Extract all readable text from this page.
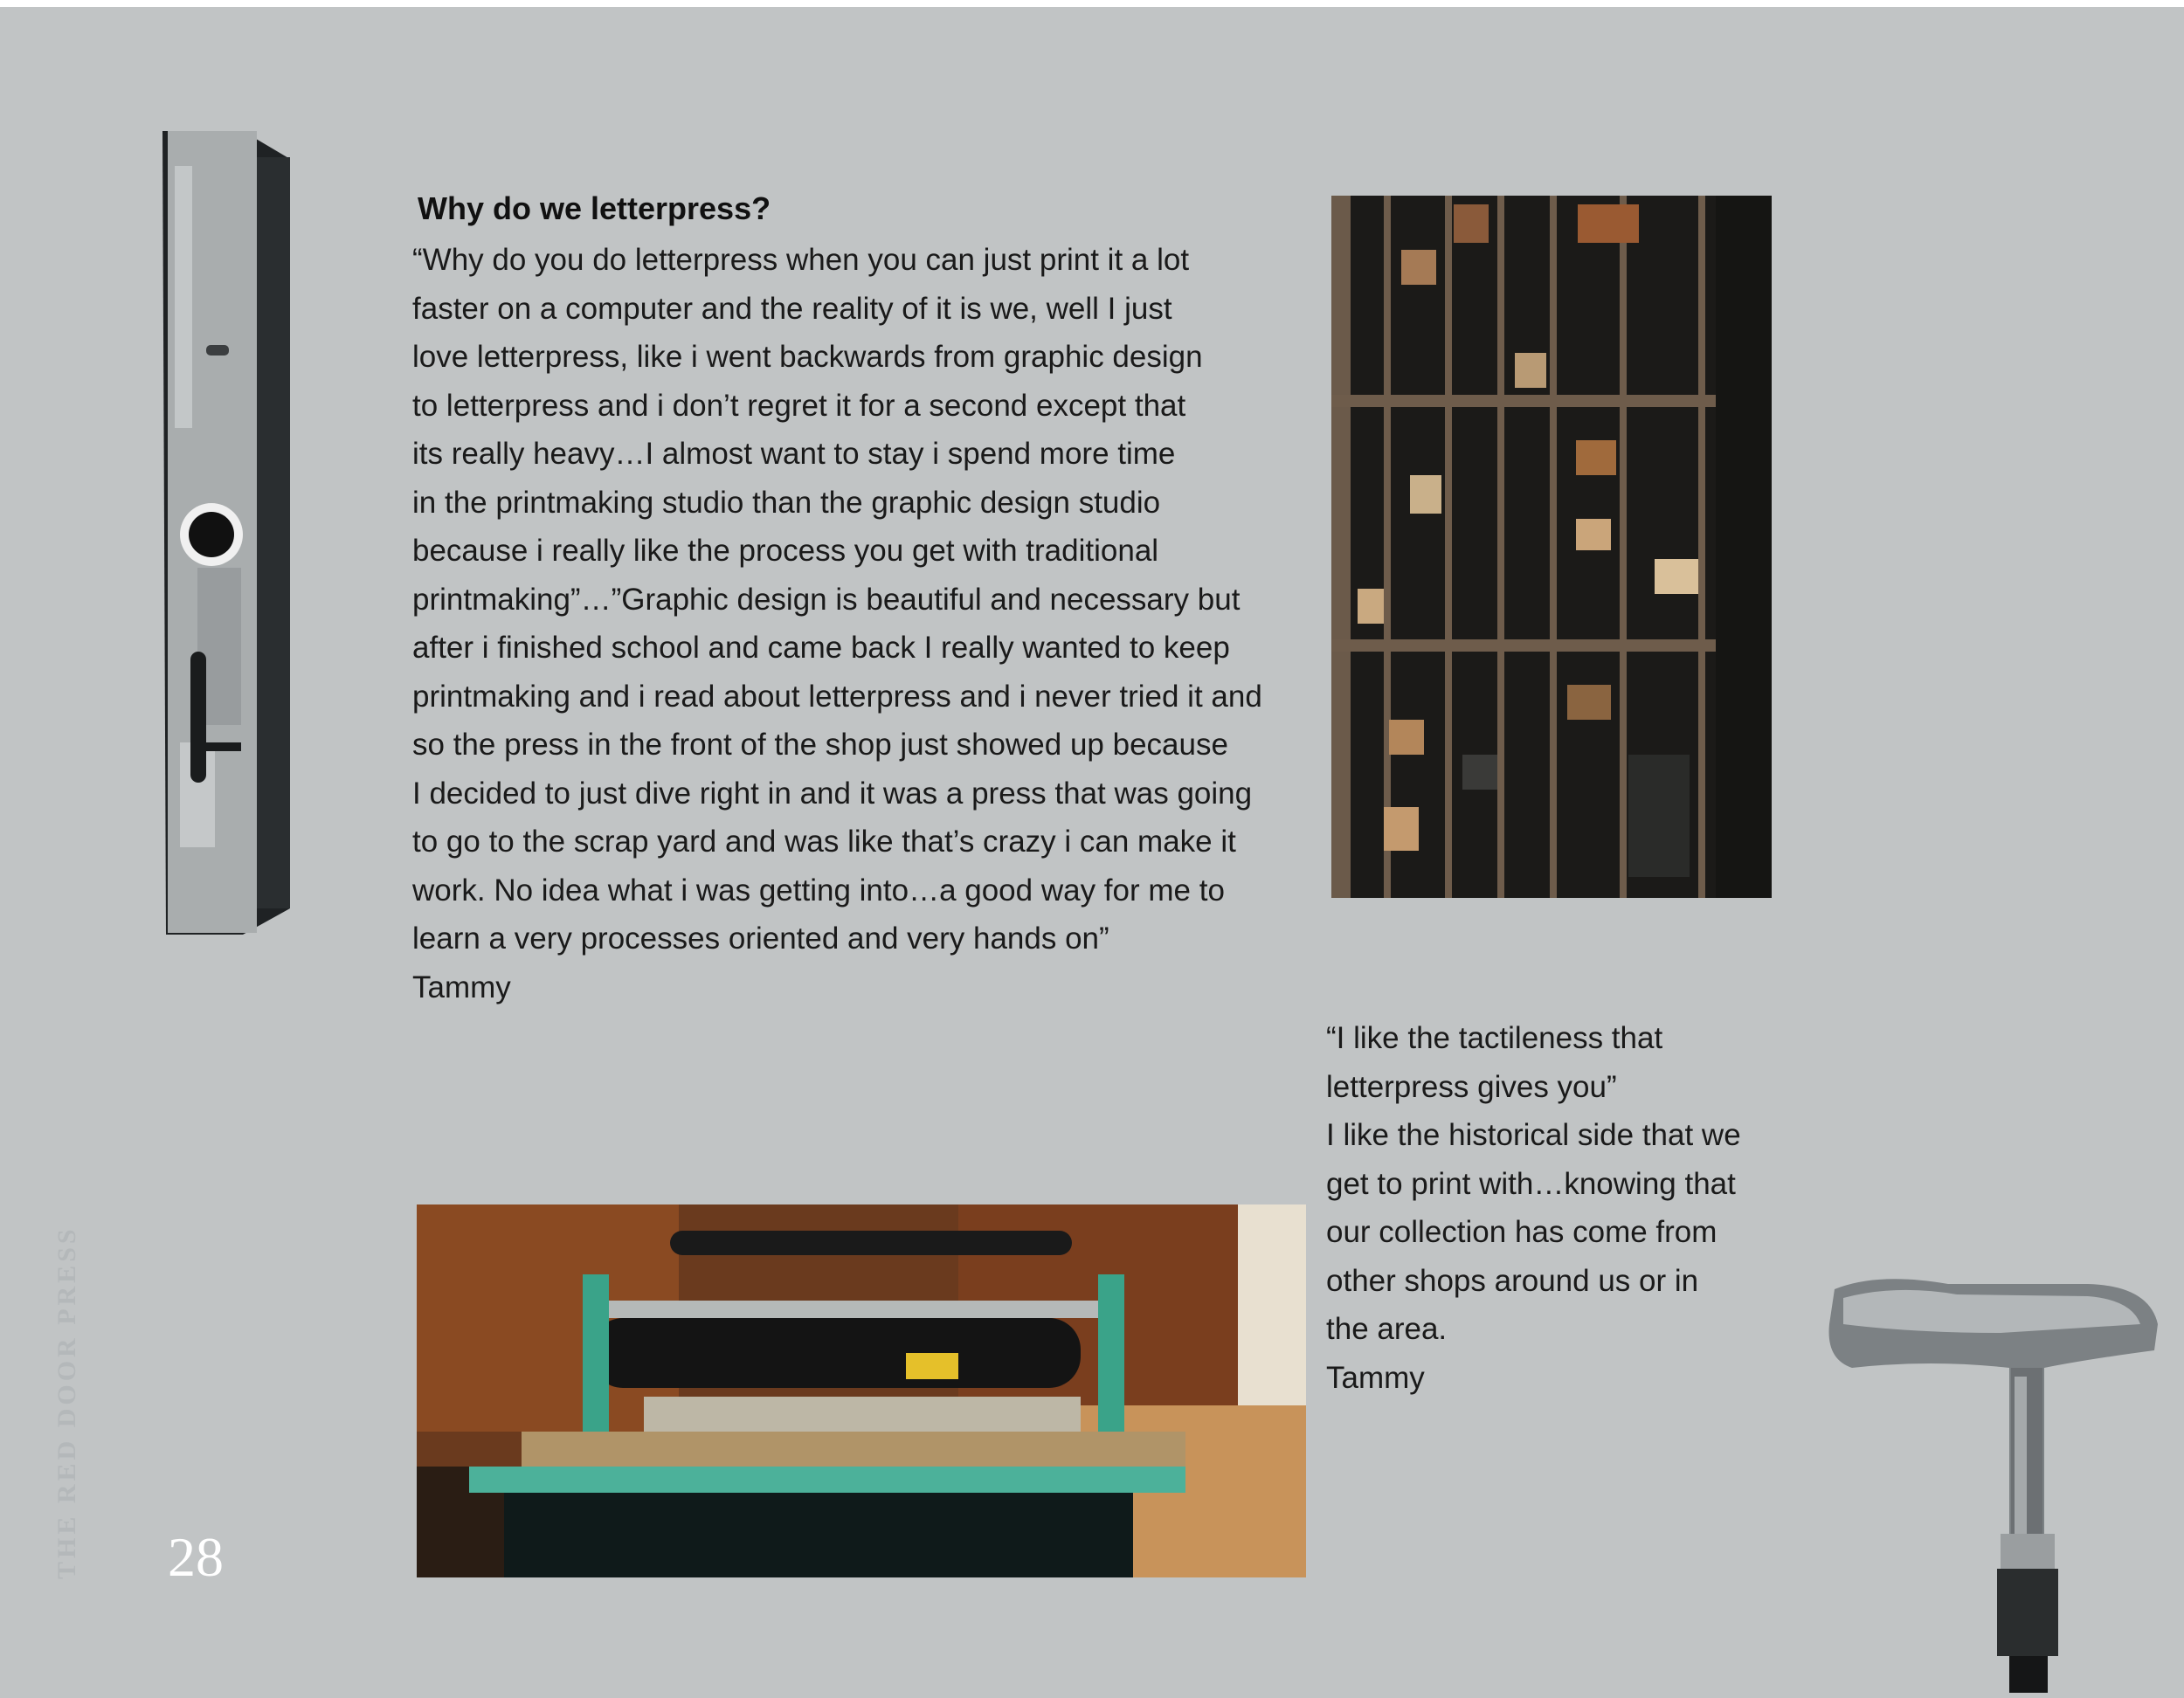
Why do we letterpress?
“Why do you do letterpress when you can just print it a lot
faster on a computer and the reality of it is we, well I just
love letterpress, like i went backwards from graphic design
to letterpress and i don’t regret it for a second except that
its really heavy…I almost want to stay i spend more time
in the printmaking studio than the graphic design studio
because i really like the process you get with traditional
printmaking”…”Graphic design is beautiful and necessary but
after i finished school and came back I really wanted to keep
printmaking and i read about letterpress and i never tried it and
so the press in the front of the shop just showed up because
I decided to just dive right in and it was a press that was going
to go to the scrap yard and was like that’s crazy i can make it
work. No idea what i was getting into…a good way for me to
learn a very processes oriented and very hands on”
Tammy
“I like the tactileness that
letterpress gives you”
I like the historical side that we
get to print with…knowing that
our collection has come from
other shops around us or in
the area.
Tammy
THE RED DOOR PRESS 28
